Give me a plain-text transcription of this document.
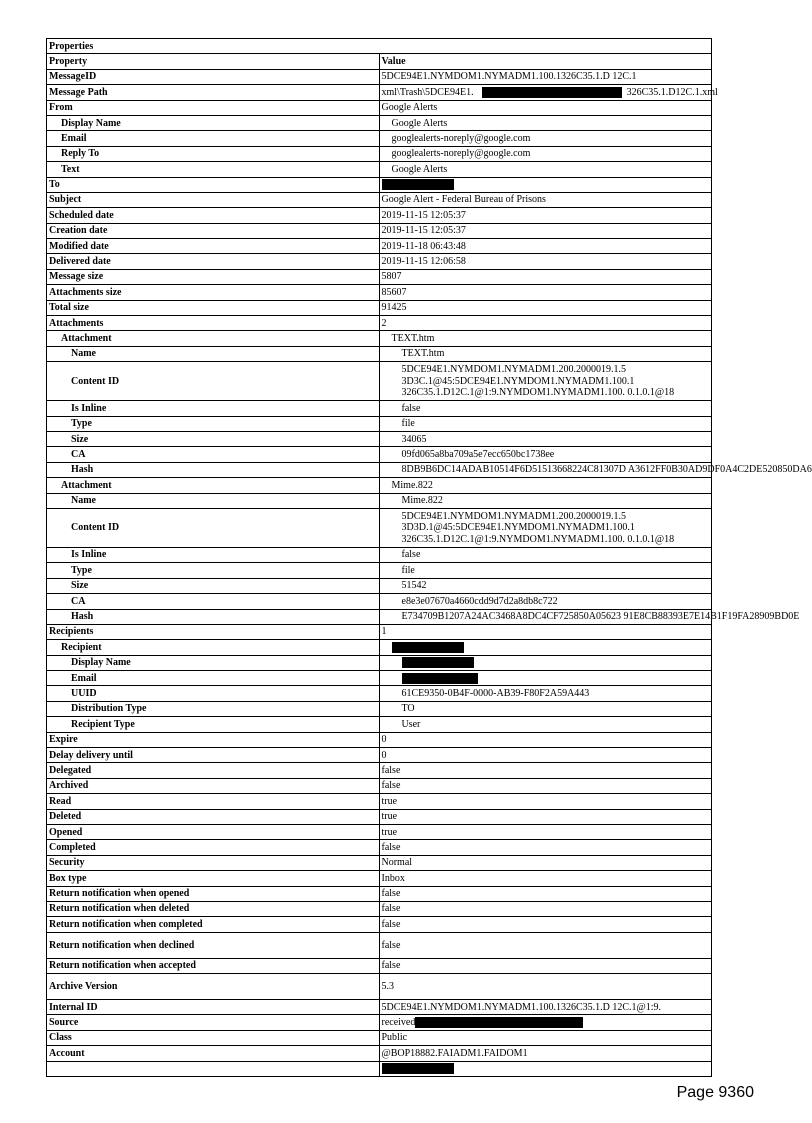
Properties	
Property	Value
MessageID	5DCE94E1.NYMDOM1.NYMADM1.100.1326C35.1.D 12C.1
Message Path	xml\Trash\5DCE94E1. 326C35.1.D12C.1.xml
From	Google Alerts
Display Name	Google Alerts
Email	googlealerts-noreply@google.com
Reply To	googlealerts-noreply@google.com
Text	Google Alerts
To	
Subject	Google Alert - Federal Bureau of Prisons
Scheduled date	2019-11-15 12:05:37
Creation date	2019-11-15 12:05:37
Modified date	2019-11-18 06:43:48
Delivered date	2019-11-15 12:06:58
Message size	5807
Attachments size	85607
Total size	91425
Attachments	2
Attachment	TEXT.htm
Name	TEXT.htm
Content ID	5DCE94E1.NYMDOM1.NYMADM1.200.2000019.1.5
3D3C.1@45:5DCE94E1.NYMDOM1.NYMADM1.100.1
326C35.1.D12C.1@1:9.NYMDOM1.NYMADM1.100. 0.1.0.1@18

Is Inline	false
Type	file
Size	34065
CA	09fd065a8ba709a5e7ecc650bc1738ee
Hash	8DB9B6DC14ADAB10514F6D51513668224C81307D A3612FF0B30AD9DF0A4C2DE520850DA6
Attachment	Mime.822
Name	Mime.822
Content ID	5DCE94E1.NYMDOM1.NYMADM1.200.2000019.1.5
3D3D.1@45:5DCE94E1.NYMDOM1.NYMADM1.100.1
326C35.1.D12C.1@1:9.NYMDOM1.NYMADM1.100. 0.1.0.1@18

Is Inline	false
Type	file
Size	51542
CA	e8e3e07670a4660cdd9d7d2a8db8c722
Hash	E734709B1207A24AC3468A8DC4CF725850A05623 91E8CB88393E7E14B1F19FA28909BD0E
Recipients	1
Recipient	
Display Name	
Email	
UUID	61CE9350-0B4F-0000-AB39-F80F2A59A443
Distribution Type	TO
Recipient Type	User
Expire	0
Delay delivery until	0
Delegated	false
Archived	false
Read	true
Deleted	true
Opened	true
Completed	false
Security	Normal
Box type	Inbox
Return notification when opened	false
Return notification when deleted	false
Return notification when completed	false
Return notification when declined	false
Return notification when accepted	false
Archive Version	5.3
Internal ID	5DCE94E1.NYMDOM1.NYMADM1.100.1326C35.1.D 12C.1@1:9.
Source	received
Class	Public
Account	@BOP18882.FAIADM1.FAIDOM1

Page 9360
